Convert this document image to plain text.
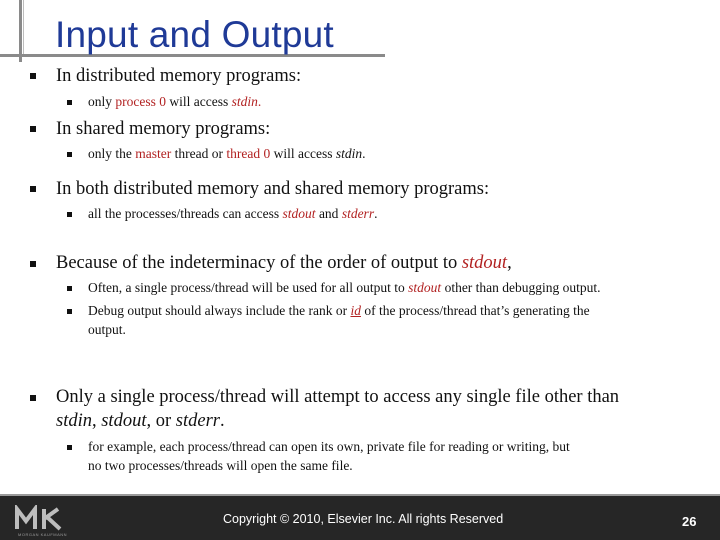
Input and Output
In distributed memory programs:
only process 0 will access stdin.
In shared memory programs:
only the master thread or thread 0 will access stdin.
In both distributed memory and shared memory programs:
all the processes/threads can access stdout and stderr.
Because of the indeterminacy of the order of output to stdout,
Often, a single process/thread will be used for all output to stdout other than debugging output.
Debug output should always include the rank or id of the process/thread that’s generating the
output.
Only a single process/thread will attempt to access any single file other than
stdin, stdout, or stderr.
for example, each process/thread can open its own, private file for reading or writing, but
no two processes/threads will open the same file.
MORGAN KAUFMANN
Copyright © 2010, Elsevier Inc. All rights Reserved	26
